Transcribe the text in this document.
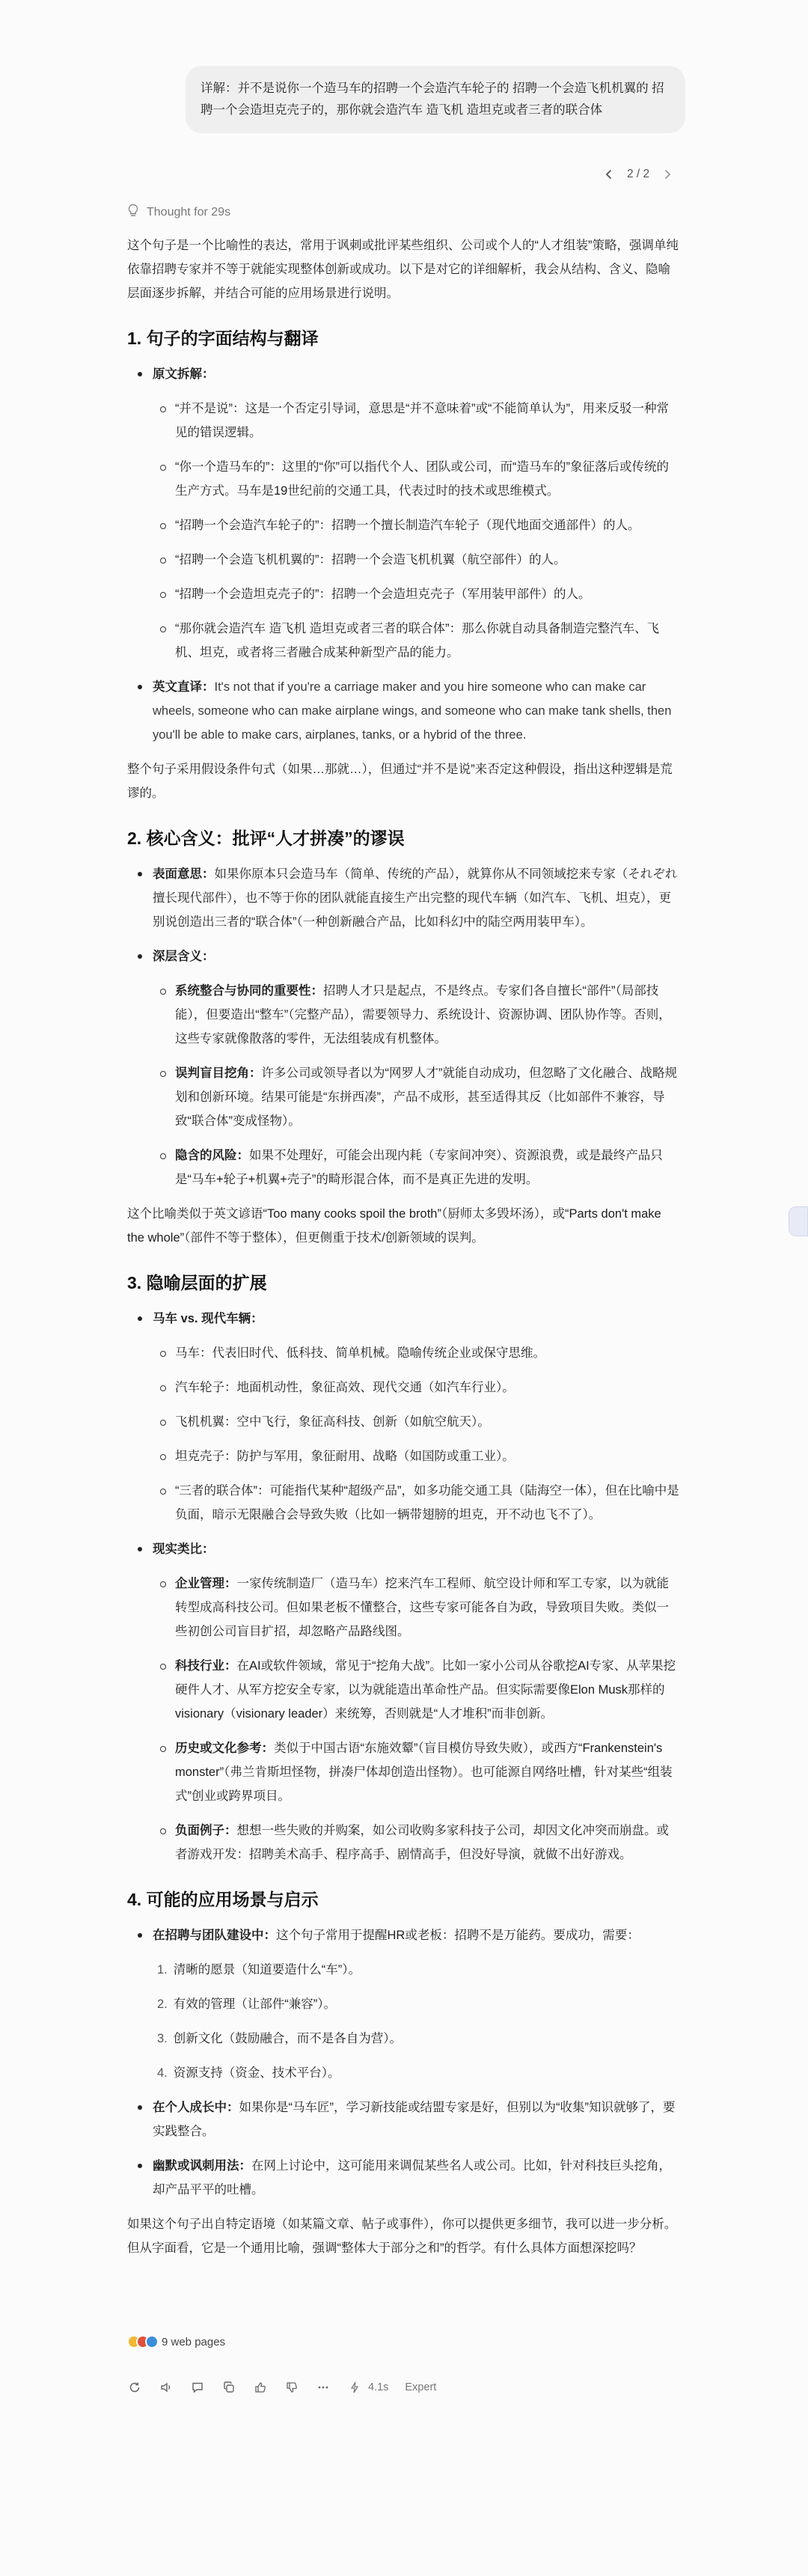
详解：并不是说你一个造马车的招聘一个会造汽车轮子的 招聘一个会造飞机机翼的 招聘一个会造坦克壳子的，那你就会造汽车 造飞机 造坦克或者三者的联合体
2 / 2
Thought for 29s

这个句子是一个比喻性的表达，常用于讽刺或批评某些组织、公司或个人的“人才组装”策略，强调单纯依靠招聘专家并不等于就能实现整体创新或成功。以下是对它的详细解析，我会从结构、含义、隐喻层面逐步拆解，并结合可能的应用场景进行说明。

1. 句子的字面结构与翻译
原文拆解：
“并不是说”：这是一个否定引导词，意思是“并不意味着”或“不能简单认为”，用来反驳一种常见的错误逻辑。
“你一个造马车的”：这里的“你”可以指代个人、团队或公司，而“造马车的”象征落后或传统的生产方式。马车是19世纪前的交通工具，代表过时的技术或思维模式。
“招聘一个会造汽车轮子的”：招聘一个擅长制造汽车轮子（现代地面交通部件）的人。
“招聘一个会造飞机机翼的”：招聘一个会造飞机机翼（航空部件）的人。
“招聘一个会造坦克壳子的”：招聘一个会造坦克壳子（军用装甲部件）的人。
“那你就会造汽车 造飞机 造坦克或者三者的联合体”：那么你就自动具备制造完整汽车、飞机、坦克，或者将三者融合成某种新型产品的能力。
英文直译：It's not that if you're a carriage maker and you hire someone who can make car wheels, someone who can make airplane wings, and someone who can make tank shells, then you'll be able to make cars, airplanes, tanks, or a hybrid of the three.

整个句子采用假设条件句式（如果…那就…），但通过“并不是说”来否定这种假设，指出这种逻辑是荒谬的。

2. 核心含义：批评“人才拼凑”的谬误
表面意思：如果你原本只会造马车（简单、传统的产品），就算你从不同领域挖来专家（それぞれ擅长现代部件），也不等于你的团队就能直接生产出完整的现代车辆（如汽车、飞机、坦克），更别说创造出三者的“联合体”（一种创新融合产品，比如科幻中的陆空两用装甲车）。
深层含义：
系统整合与协同的重要性：招聘人才只是起点，不是终点。专家们各自擅长“部件”（局部技能），但要造出“整车”（完整产品），需要领导力、系统设计、资源协调、团队协作等。否则，这些专家就像散落的零件，无法组装成有机整体。
误判盲目挖角：许多公司或领导者以为“网罗人才”就能自动成功，但忽略了文化融合、战略规划和创新环境。结果可能是“东拼西凑”，产品不成形，甚至适得其反（比如部件不兼容，导致“联合体”变成怪物）。
隐含的风险：如果不处理好，可能会出现内耗（专家间冲突）、资源浪费，或是最终产品只是“马车+轮子+机翼+壳子”的畸形混合体，而不是真正先进的发明。

这个比喻类似于英文谚语“Too many cooks spoil the broth”（厨师太多毁坏汤），或“Parts don't make the whole”（部件不等于整体），但更侧重于技术/创新领域的误判。

3. 隐喻层面的扩展
马车 vs. 现代车辆：
马车：代表旧时代、低科技、简单机械。隐喻传统企业或保守思维。
汽车轮子：地面机动性，象征高效、现代交通（如汽车行业）。
飞机机翼：空中飞行，象征高科技、创新（如航空航天）。
坦克壳子：防护与军用，象征耐用、战略（如国防或重工业）。
“三者的联合体”：可能指代某种“超级产品”，如多功能交通工具（陆海空一体），但在比喻中是负面，暗示无限融合会导致失败（比如一辆带翅膀的坦克，开不动也飞不了）。
现实类比：
企业管理：一家传统制造厂（造马车）挖来汽车工程师、航空设计师和军工专家，以为就能转型成高科技公司。但如果老板不懂整合，这些专家可能各自为政，导致项目失败。类似一些初创公司盲目扩招，却忽略产品路线图。
科技行业：在AI或软件领域，常见于“挖角大战”。比如一家小公司从谷歌挖AI专家、从苹果挖硬件人才、从军方挖安全专家，以为就能造出革命性产品。但实际需要像Elon Musk那样的 visionary（visionary leader）来统筹，否则就是“人才堆积”而非创新。
历史或文化参考：类似于中国古语“东施效颦”（盲目模仿导致失败），或西方“Frankenstein's monster”（弗兰肯斯坦怪物，拼凑尸体却创造出怪物）。也可能源自网络吐槽，针对某些“组装式”创业或跨界项目。
负面例子：想想一些失败的并购案，如公司收购多家科技子公司，却因文化冲突而崩盘。或者游戏开发：招聘美术高手、程序高手、剧情高手，但没好导演，就做不出好游戏。
4. 可能的应用场景与启示
在招聘与团队建设中：这个句子常用于提醒HR或老板：招聘不是万能药。要成功，需要：
1. 清晰的愿景（知道要造什么“车”）。
2. 有效的管理（让部件“兼容”）。
3. 创新文化（鼓励融合，而不是各自为营）。
4. 资源支持（资金、技术平台）。
在个人成长中：如果你是“马车匠”，学习新技能或结盟专家是好，但别以为“收集”知识就够了，要实践整合。
幽默或讽刺用法：在网上讨论中，这可能用来调侃某些名人或公司。比如，针对科技巨头挖角，却产品平平的吐槽。

如果这个句子出自特定语境（如某篇文章、帖子或事件），你可以提供更多细节，我可以进一步分析。但从字面看，它是一个通用比喻，强调“整体大于部分之和”的哲学。有什么具体方面想深挖吗？

9 web pages
4.1s Expert
